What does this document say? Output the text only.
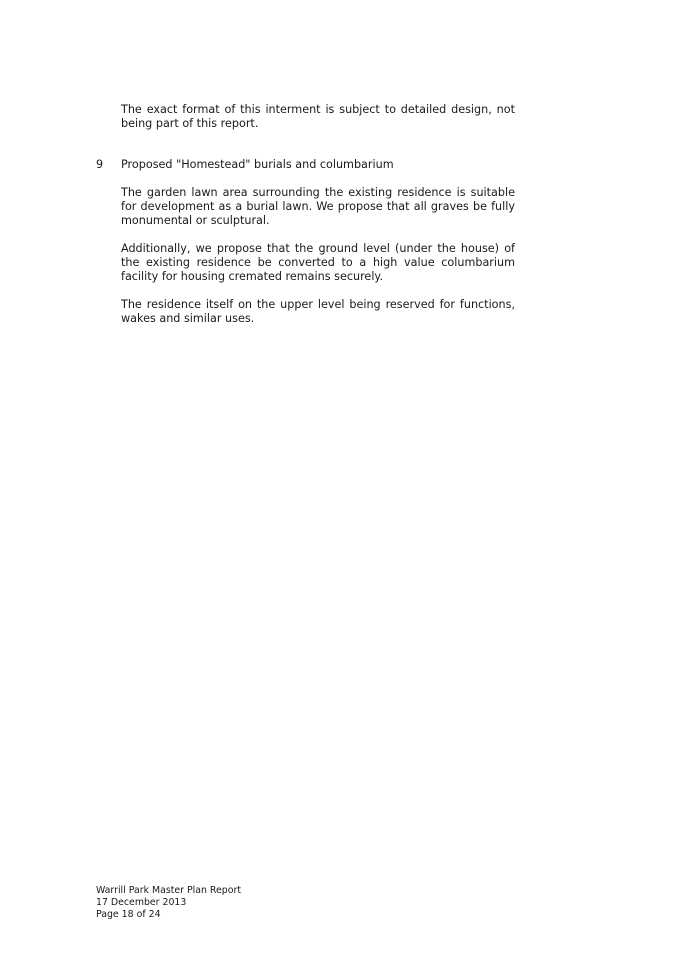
The exact format of this interment is subject to detailed design, not being part of this report.

9 Proposed "Homestead" burials and columbarium

The garden lawn area surrounding the existing residence is suitable for development as a burial lawn. We propose that all graves be fully monumental or sculptural.

Additionally, we propose that the ground level (under the house) of the existing residence be converted to a high value columbarium facility for housing cremated remains securely.

The residence itself on the upper level being reserved for functions, wakes and similar uses.

Warrill Park Master Plan Report
17 December 2013
Page 18 of 24
